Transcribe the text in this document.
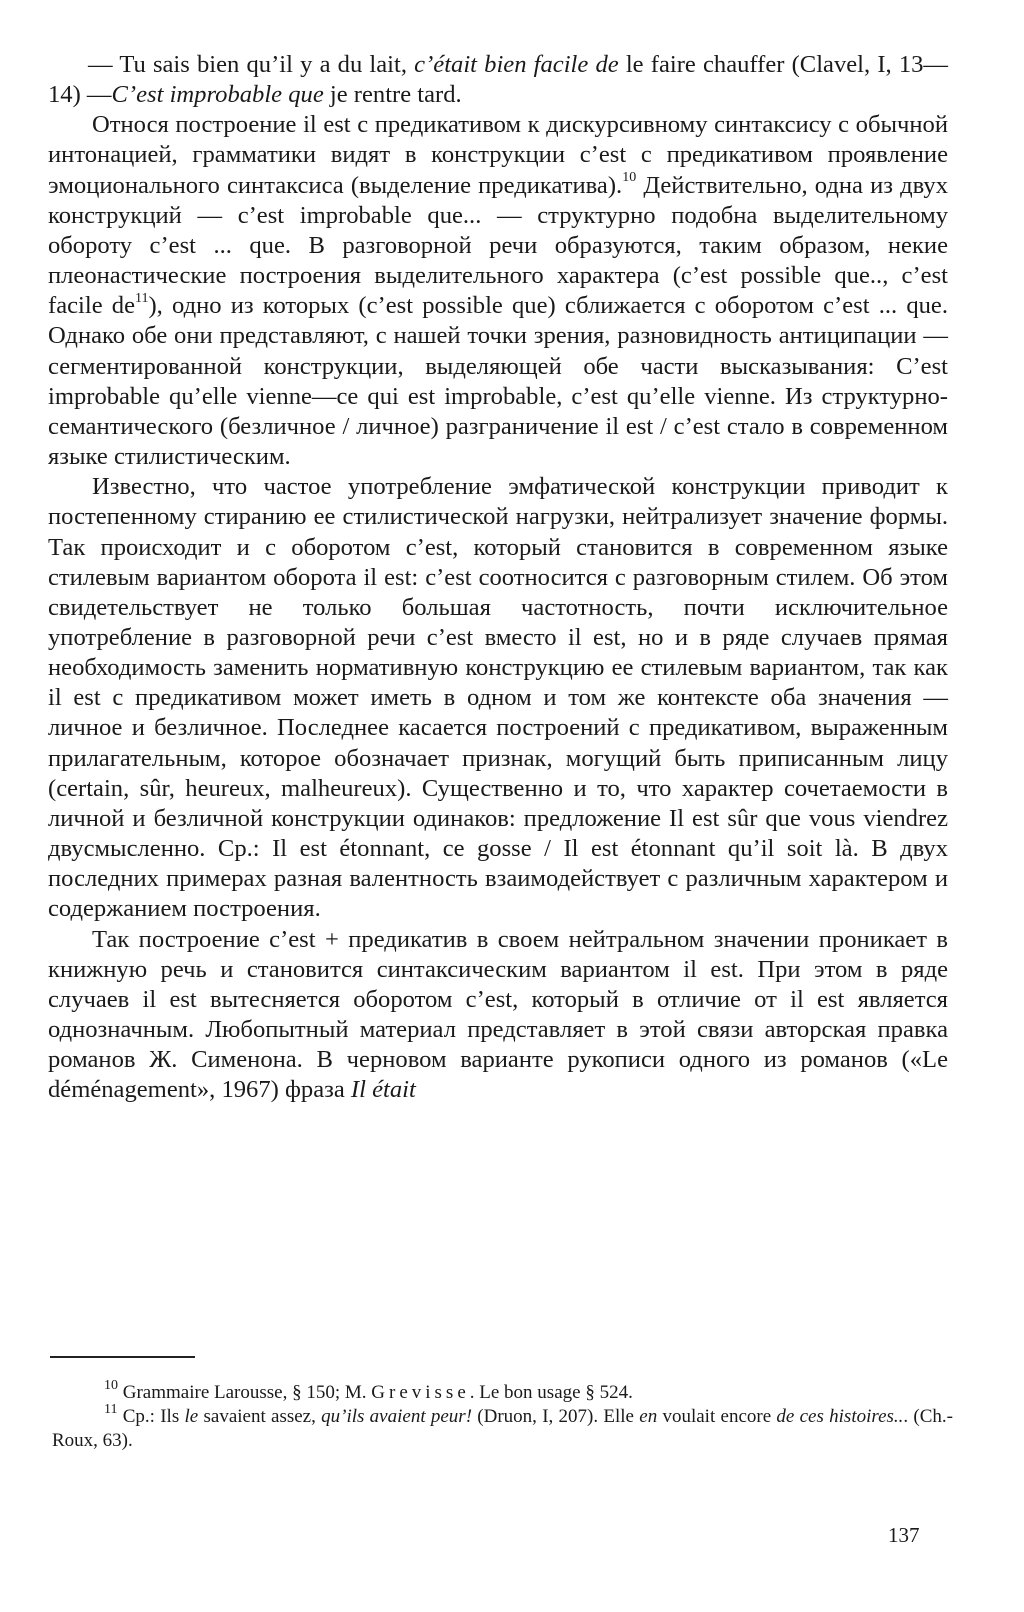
— Tu sais bien qu’il y a du lait, c’était bien facile de le faire chauffer (Clavel, I, 13—14) —C’est improbable que je rentre tard.

Относя построение il est с предикативом к дискурсивному синтаксису с обычной интонацией, грамматики видят в конструкции c’est с предикативом проявление эмоционального синтаксиса (выделение предикатива).$^{10}$ Действительно, одна из двух конструкций — c’est improbable que... — структурно подобна выделительному обороту c’est ... que. В разговорной речи образуются, таким образом, некие плеонастические построения выделительного характера (c’est possible que.., c’est facile $de^{11}$), одно из которых (c’est possible que) сближается с оборотом c’est ... que. Однако обе они представляют, с нашей точки зрения, разновидность антиципации — сегментированной конструкции, выделяющей обе части высказывания: C’est improbable qu’elle vienne—ce qui est improbable, c’est qu’elle vienne. Из структурно-семантического (безличное / личное) разграничение il est / c’est стало в современном языке стилистическим.

Известно, что частое употребление эмфатической конструкции приводит к постепенному стиранию ее стилистической нагрузки, нейтрализует значение формы. Так происходит и с оборотом c’est, который становится в современном языке стилевым вариантом оборота il est: c’est соотносится с разговорным стилем. Об этом свидетельствует не только большая частотность, почти исключительное употребление в разговорной речи c’est вместо il est, но и в ряде случаев прямая необходимость заменить нормативную конструкцию ее стилевым вариантом, так как il est с предикативом может иметь в одном и том же контексте оба значения — личное и безличное. Последнее касается построений с предикативом, выраженным прилагательным, которое обозначает признак, могущий быть приписанным лицу (certain, sûr, heureux, malheureux). Существенно и то, что характер сочетаемости в личной и безличной конструкции одинаков: предложение Il est sûr que vous viendrez двусмысленно. Ср.: Il est étonnant, ce gosse / Il est étonnant qu’il soit là. В двух последних примерах разная валентность взаимодействует с различным характером и содержанием построения.

Так построение c’est + предикатив в своем нейтральном значении проникает в книжную речь и становится синтаксическим вариантом il est. При этом в ряде случаев il est вытесняется оборотом c’est, который в отличие от il est является однозначным. Любопытный материал представляет в этой связи авторская правка романов Ж. Сименона. В черновом варианте рукописи одного из романов («Le déménagement», 1967) фраза Il était

$^{10}$ Grammaire Larousse, § 150; M. Grevisse. Le bon usage § 524.

$^{11}$ Ср.: Ils le savaient assez, qu’ils avaient peur! (Druon, I, 207). Elle en voulait encore de ces histoires... (Ch.-Roux, 63).

137
